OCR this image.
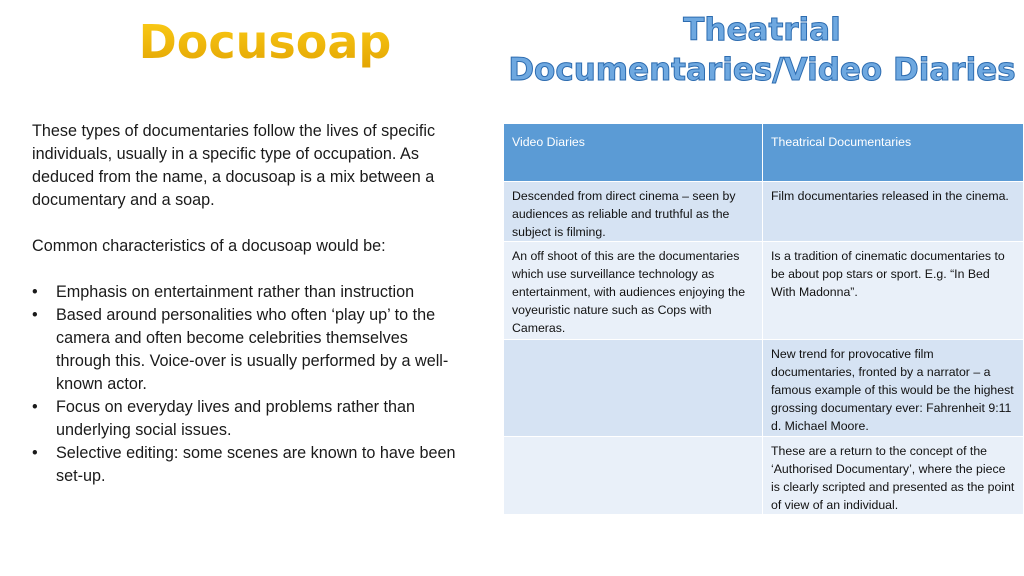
Docusoap	Theatrial
Documentaries/Video Diaries

These types of documentaries follow the lives of specific individuals, usually in a specific type of occupation. As deduced from the name, a docusoap is a mix between a documentary and a soap.

Common characteristics of a docusoap would be:

• Emphasis on entertainment rather than instruction
• Based around personalities who often ‘play up’ to the camera and often become celebrities themselves through this. Voice-over is usually performed by a well-known actor.
• Focus on everyday lives and problems rather than underlying social issues.
• Selective editing: some scenes are known to have been set-up.
Video Diaries	Theatrical Documentaries
Descended from direct cinema – seen by audiences as reliable and truthful as the subject is filming.	Film documentaries released in the cinema.
An off shoot of this are the documentaries which use surveillance technology as entertainment, with audiences enjoying the voyeuristic nature such as Cops with Cameras.	Is a tradition of cinematic documentaries to be about pop stars or sport. E.g. “In Bed With Madonna”.
	New trend for provocative film documentaries, fronted by a narrator – a famous example of this would be the highest grossing documentary ever: Fahrenheit 9:11 d. Michael Moore.
	These are a return to the concept of the ‘Authorised Documentary’, where the piece is clearly scripted and presented as the point of view of an individual.
